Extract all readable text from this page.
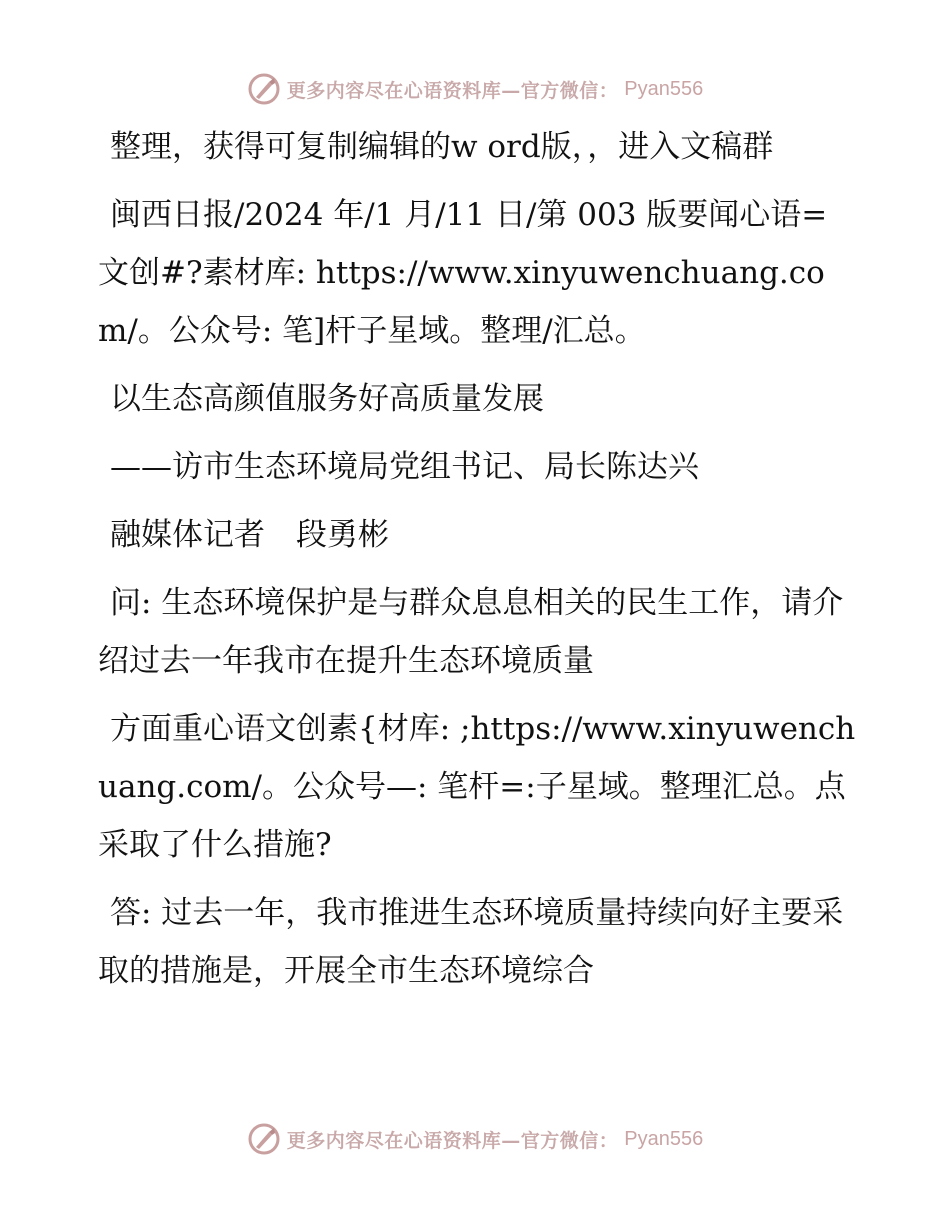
更多内容尽在心语资料库—官方微信： Pyan556

整理，获得可复制编辑的w ord版，，进入文稿群

闽西日报/2024 年/1 月/11 日/第 003 版要闻心语=文创#?素材库: https://www.xinyuwenchuang.com/。公众号: 笔]杆子星域。整理/汇总。

以生态高颜值服务好高质量发展

——访市生态环境局党组书记、局长陈达兴

融媒体记者　段勇彬

问: 生态环境保护是与群众息息相关的民生工作，请介绍过去一年我市在提升生态环境质量

方面重心语文创素{材库: ;https://www.xinyuwenchuang.com/。公众号—: 笔杆=:子星域。整理汇总。点采取了什么措施?

答: 过去一年，我市推进生态环境质量持续向好主要采取的措施是，开展全市生态环境综合

更多内容尽在心语资料库—官方微信： Pyan556
